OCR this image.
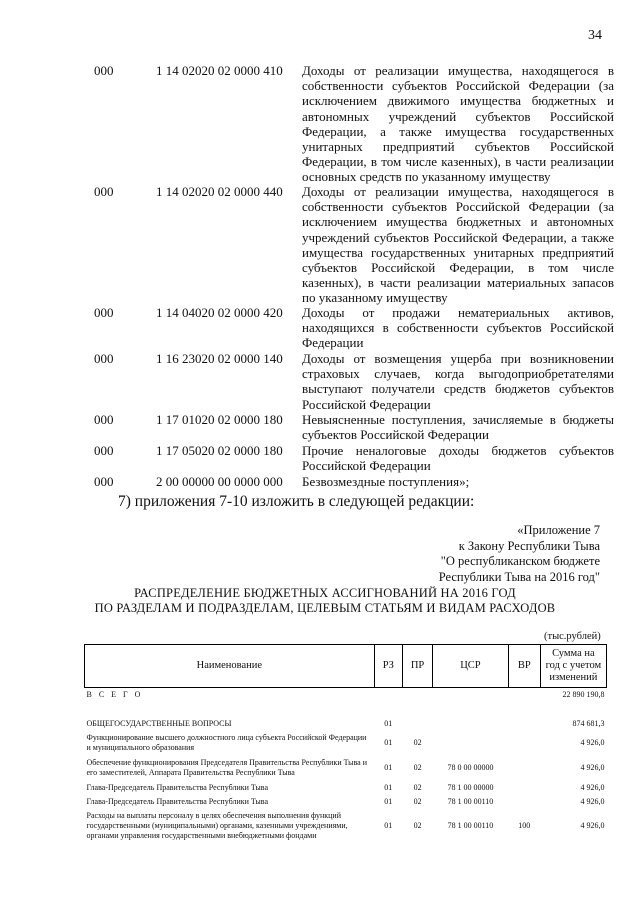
34
000	1 14 02020 02 0000 410	Доходы от реализации имущества, находящегося в собственности субъектов Российской Федерации (за исключением движимого имущества бюджетных и автономных учреждений субъектов Российской Федерации, а также имущества государственных унитарных предприятий субъектов Российской Федерации, в том числе казенных), в части реализации основных средств по указанному имуществу
000	1 14 02020 02 0000 440	Доходы от реализации имущества, находящегося в собственности субъектов Российской Федерации (за исключением имущества бюджетных и автономных учреждений субъектов Российской Федерации, а также имущества государственных унитарных предприятий субъектов Российской Федерации, в том числе казенных), в части реализации материальных запасов по указанному имуществу
000	1 14 04020 02 0000 420	Доходы от продажи нематериальных активов, находящихся в собственности субъектов Российской Федерации
000	1 16 23020 02 0000 140	Доходы от возмещения ущерба при возникновении страховых случаев, когда выгодоприобретателями выступают получатели средств бюджетов субъектов Российской Федерации
000	1 17 01020 02 0000 180	Невыясненные поступления, зачисляемые в бюджеты субъектов Российской Федерации
000	1 17 05020 02 0000 180	Прочие неналоговые доходы бюджетов субъектов Российской Федерации
000	2 00 00000 00 0000 000	Безвозмездные поступления»;
7) приложения 7-10 изложить в следующей редакции:
«Приложение 7
к Закону Республики Тыва
"О республиканском бюджете
Республики Тыва на 2016 год"
РАСПРЕДЕЛЕНИЕ БЮДЖЕТНЫХ АССИГНОВАНИЙ НА 2016 ГОД
ПО РАЗДЕЛАМ И ПОДРАЗДЕЛАМ, ЦЕЛЕВЫМ СТАТЬЯМ И ВИДАМ РАСХОДОВ
(тыс.рублей)
Наименование	РЗ	ПР	ЦСР	ВР	Сумма на год с учетом изменений
В С Е Г О					22 890 190,8

ОБЩЕГОСУДАРСТВЕННЫЕ ВОПРОСЫ	01				874 681,3
Функционирование высшего должностного лица субъекта Российской Федерации и муниципального образования	01	02			4 926,0
Обеспечение функционирования Председателя Правительства Республики Тыва и его заместителей, Аппарата Правительства Республики Тыва	01	02	78 0 00 00000		4 926,0
Глава-Председатель Правительства Республики Тыва	01	02	78 1 00 00000		4 926,0
Глава-Председатель Правительства Республики Тыва	01	02	78 1 00 00110		4 926,0
Расходы на выплаты персоналу в целях обеспечения выполнения функций государственными (муниципальными) органами, казенными учреждениями, органами управления государственными внебюджетными фондами	01	02	78 1 00 00110	100	4 926,0
